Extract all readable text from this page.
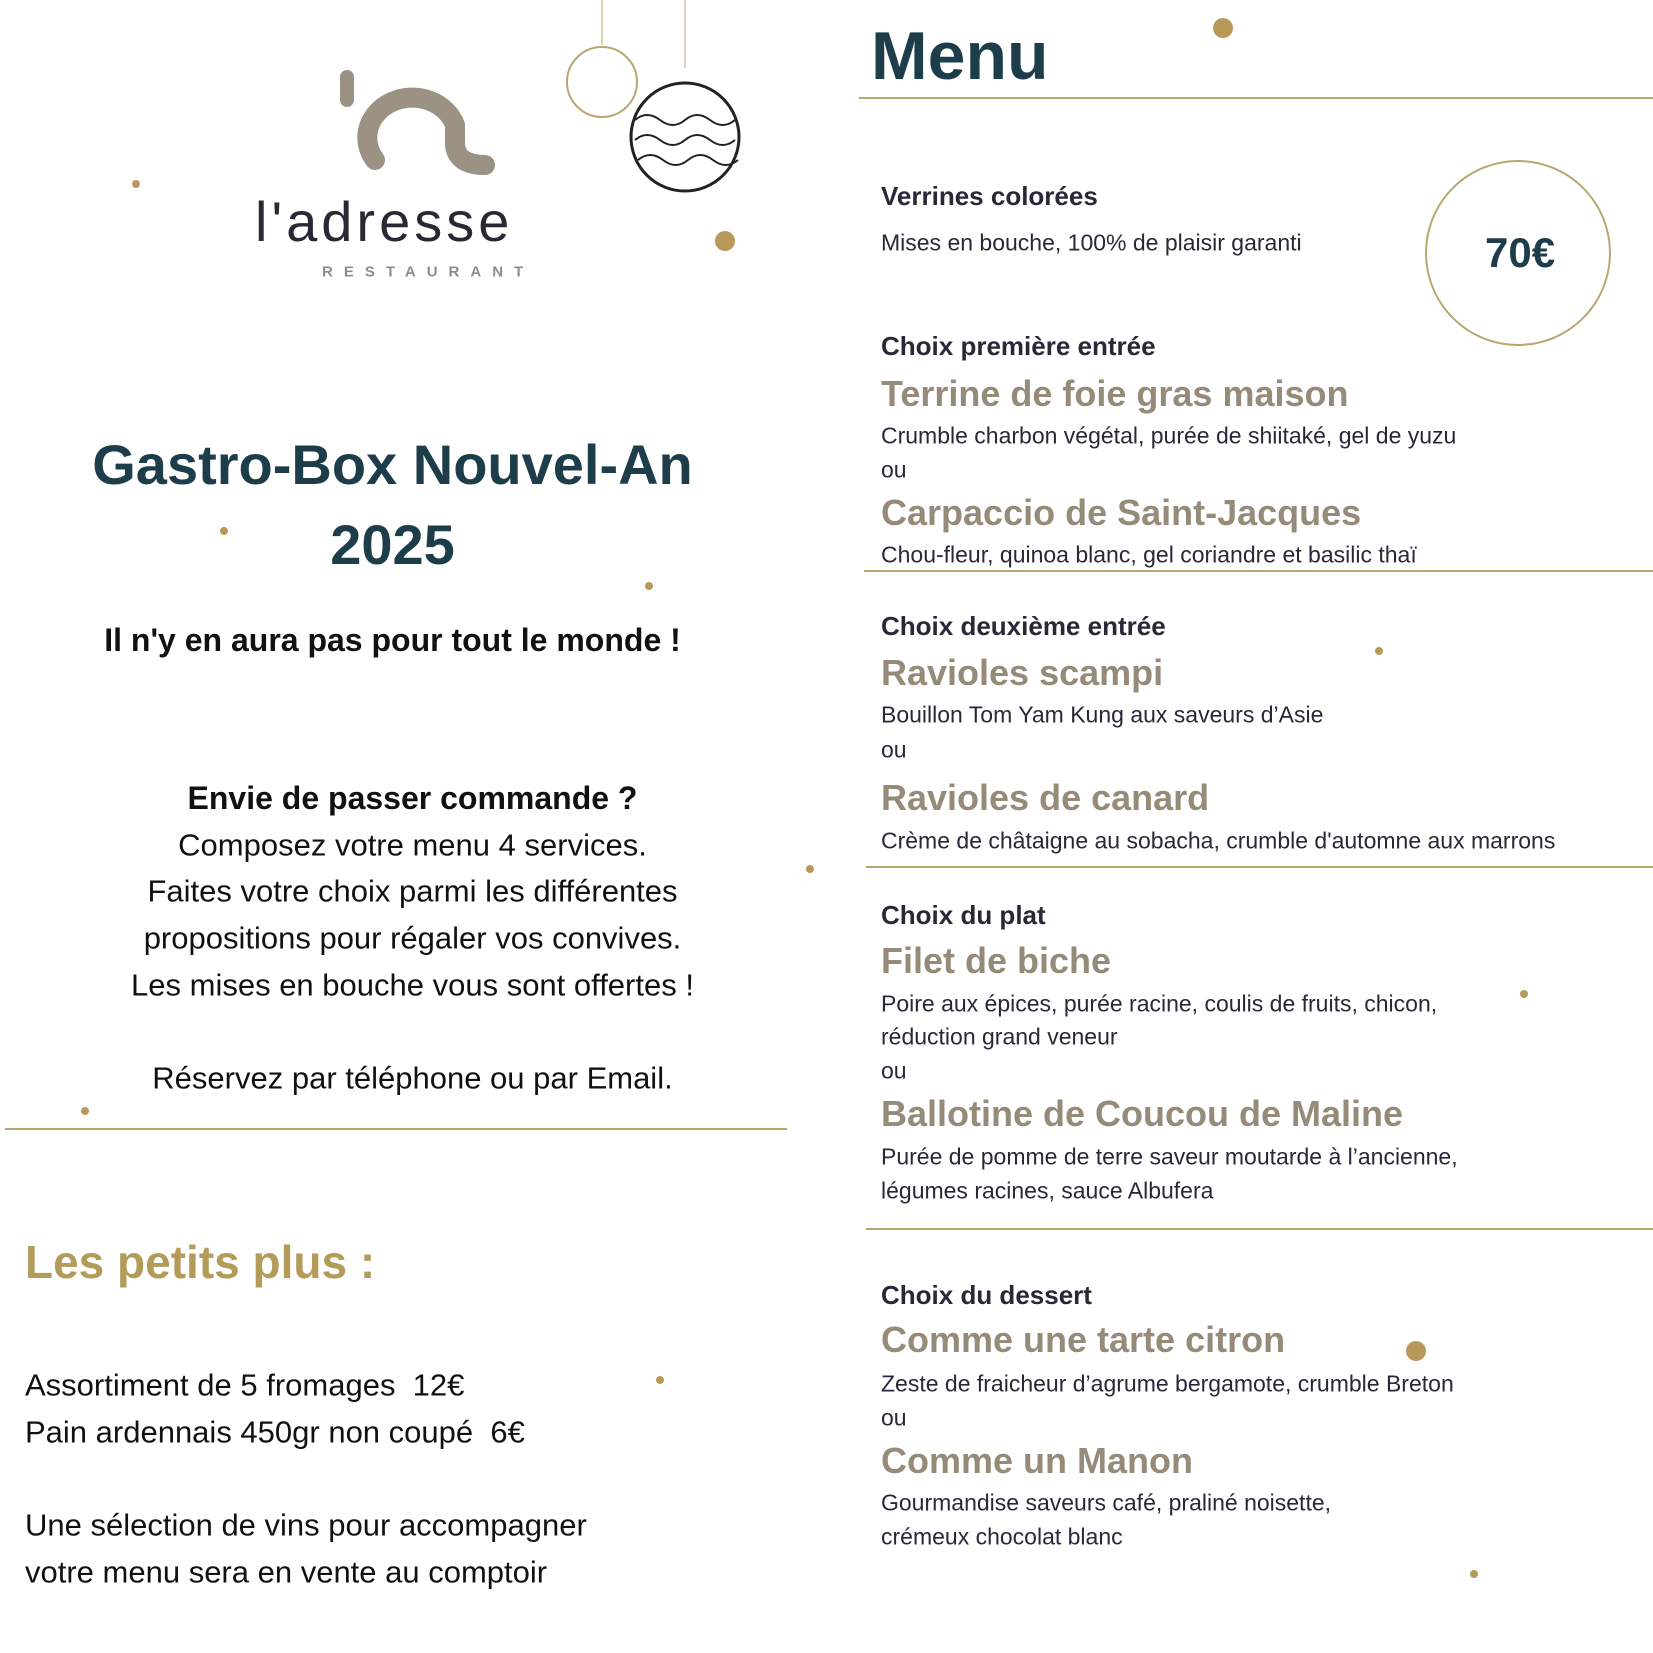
l'adresse
RESTAURANT
Gastro-Box Nouvel-An
2025
Il n'y en aura pas pour tout le monde !
Envie de passer commande ?
Composez votre menu 4 services.
Faites votre choix parmi les différentes
propositions pour régaler vos convives.
Les mises en bouche vous sont offertes !
Réservez par téléphone ou par Email.
Les petits plus :
Assortiment de 5 fromages  12€
Pain ardennais 450gr non coupé  6€
Une sélection de vins pour accompagner
votre menu sera en vente au comptoir
Menu
70€
Verrines colorées
Mises en bouche, 100% de plaisir garanti
Choix première entrée
Terrine de foie gras maison
Crumble charbon végétal, purée de shiitaké, gel de yuzu
ou
Carpaccio de Saint-Jacques
Chou-fleur, quinoa blanc, gel coriandre et basilic thaï
Choix deuxième entrée
Ravioles scampi
Bouillon Tom Yam Kung aux saveurs d’Asie
ou
Ravioles de canard
Crème de châtaigne au sobacha, crumble d'automne aux marrons
Choix du plat
Filet de biche
Poire aux épices, purée racine, coulis de fruits, chicon,
réduction grand veneur
ou
Ballotine de Coucou de Maline
Purée de pomme de terre saveur moutarde à l’ancienne,
légumes racines, sauce Albufera
Choix du dessert
Comme une tarte citron
Zeste de fraicheur d’agrume bergamote, crumble Breton
ou
Comme un Manon
Gourmandise saveurs café, praliné noisette,
crémeux chocolat blanc
